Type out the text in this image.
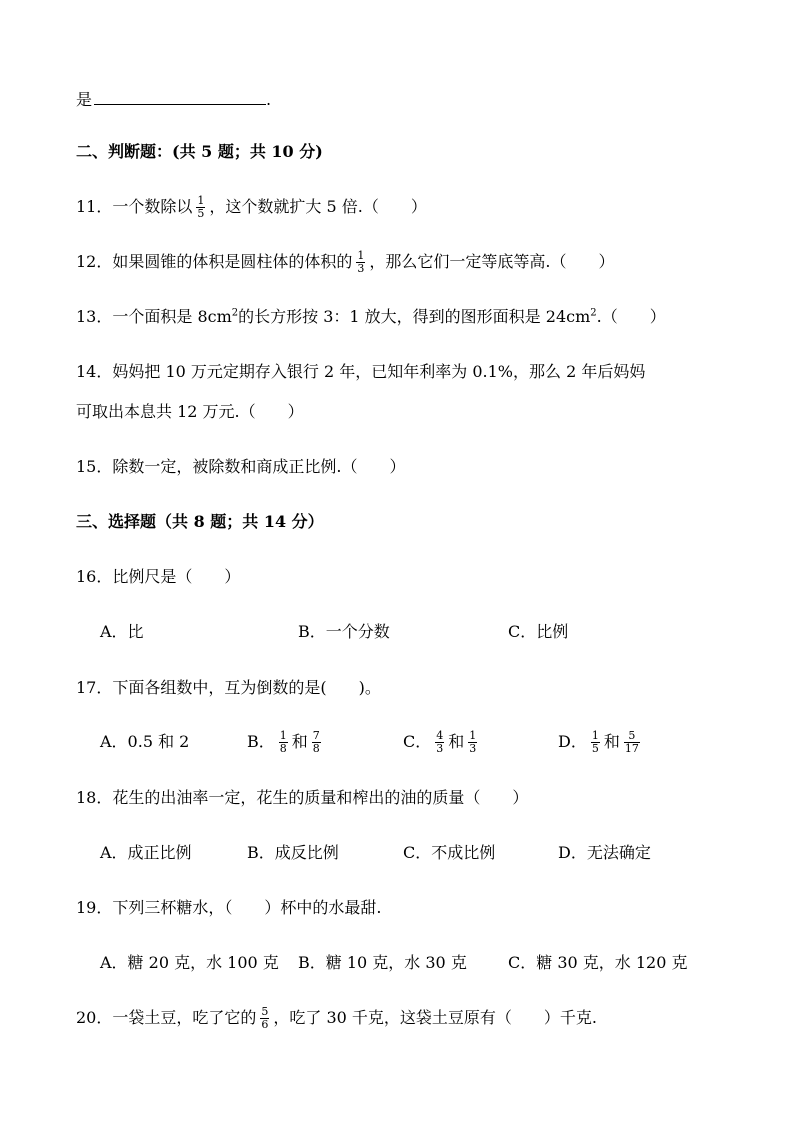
是	.
二、判断题：(共 5 题；共 10 分)
11．一个数除以 $\frac{1}{5}$ ，这个数就扩大 5 倍.（　　）
12．如果圆锥的体积是圆柱体的体积的 $\frac{1}{3}$ ，那么它们一定等底等高.（　　）
13．一个面积是 $8cm^2$的长方形按 3：1 放大，得到的图形面积是 $24cm^2$.（　　）
14．妈妈把 10 万元定期存入银行 2 年，已知年利率为 0.1%，那么 2 年后妈妈
可取出本息共 12 万元.（　　）
15．除数一定，被除数和商成正比例.（　　）
三、选择题（共 8 题；共 14 分）
16．比例尺是（　　）
A．比	B．一个分数	C．比例
17．下面各组数中，互为倒数的是(　　)。
A．0.5 和 2	B． $\frac{1}{8}$ 和 $\frac{7}{8}$	C． $\frac{4}{3}$ 和 $\frac{1}{3}$	D． $\frac{1}{5}$ 和 $\frac{5}{17}$
18．花生的出油率一定，花生的质量和榨出的油的质量（　　）
A．成正比例	B．成反比例	C．不成比例	D．无法确定
19．下列三杯糖水，（　　）杯中的水最甜.
A．糖 20 克，水 100 克 B．糖 10 克，水 30 克	C．糖 30 克，水 120 克
20．一袋土豆，吃了它的 $\frac{5}{6}$ ，吃了 30 千克，这袋土豆原有（　　）千克.
